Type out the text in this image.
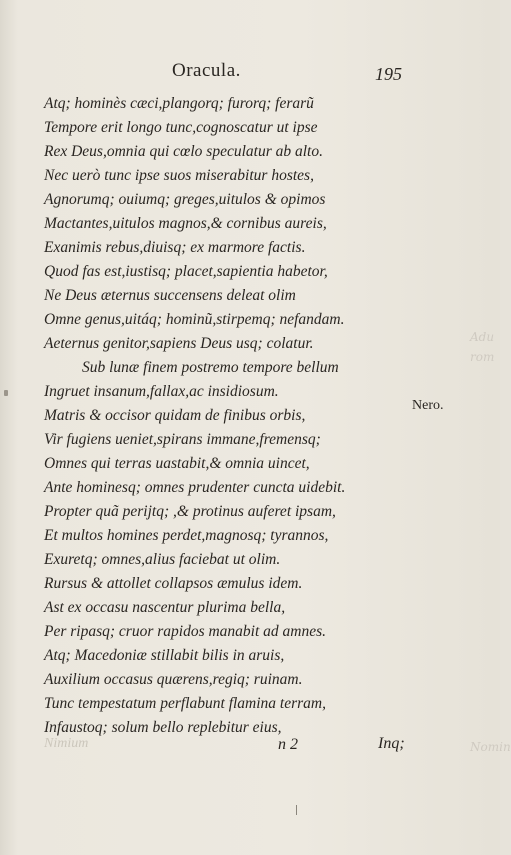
Adu
rom
Nomin
Oracula.	195
Atq; hominès cæci,plangorq; furorq; ferarũ
Tempore erit longo tunc,cognoscatur ut ipse
Rex Deus,omnia qui cœlo speculatur ab alto.
Nec uerò tunc ipse suos miserabitur hostes,
Agnorumq; ouiumq; greges,uitulos & opimos
Mactantes,uitulos magnos,& cornibus aureis,
Exanimis rebus,diuisq; ex marmore factis.
Quod fas est,iustisq; placet,sapientia habetor,
Ne Deus æternus succensens deleat olim
Omne genus,uitáq; hominũ,stirpemq; nefandam.
Aeternus genitor,sapiens Deus usq; colatur.
Sub lunæ finem postremo tempore bellum
Ingruet insanum,fallax,ac insidiosum.
Matris & occisor quidam de finibus orbis,
Vir fugiens ueniet,spirans immane,fremensq;
Omnes qui terras uastabit,& omnia uincet,
Ante hominesq; omnes prudenter cuncta uidebit.
Propter quã perijtq; ,& protinus auferet ipsam,
Et multos homines perdet,magnosq; tyrannos,
Exuretq; omnes,alius faciebat ut olim.
Rursus & attollet collapsos æmulus idem.
Ast ex occasu nascentur plurima bella,
Per ripasq; cruor rapidos manabit ad amnes.
Atq; Macedoniæ stillabit bilis in aruis,
Auxilium occasus quærens,regiq; ruinam.
Tunc tempestatum perflabunt flamina terram,
Infaustoq; solum bello replebitur eius,
Nero.
Nimium	n 2	Inq;
